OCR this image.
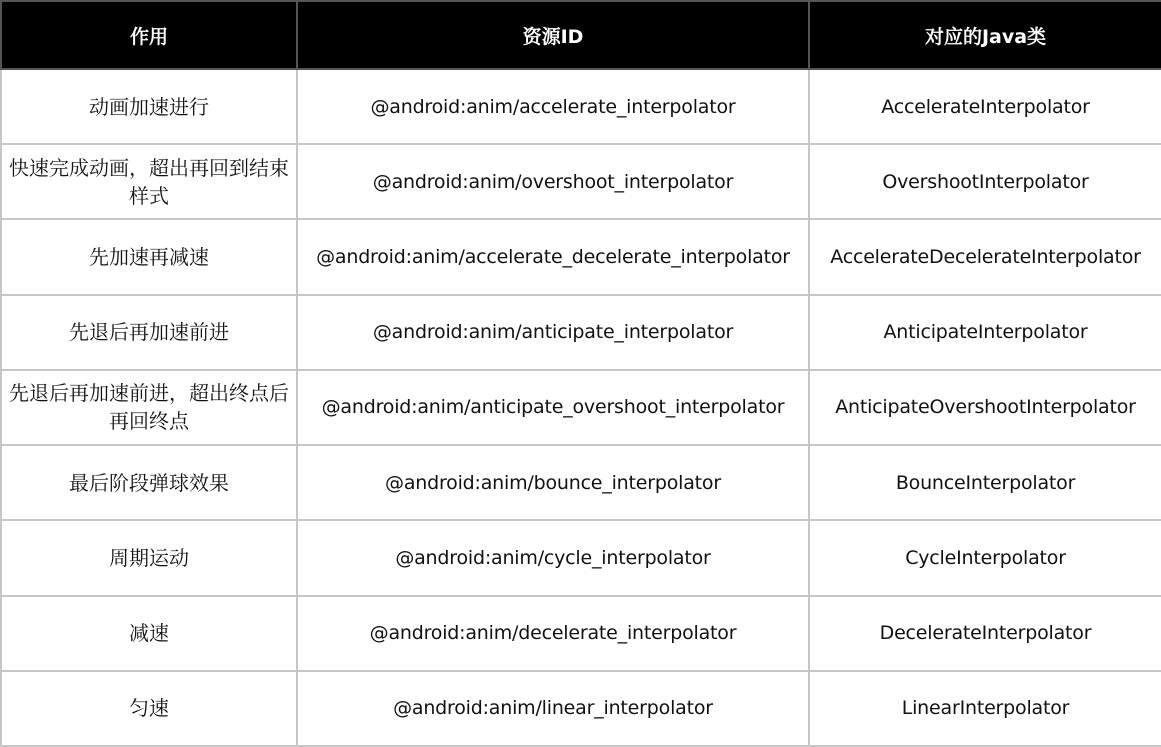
作用	资源ID	对应的Java类
动画加速进行	@android:anim/accelerate_interpolator	AccelerateInterpolator
快速完成动画，超出再回到结束样式	@android:anim/overshoot_interpolator	OvershootInterpolator
先加速再减速	@android:anim/accelerate_decelerate_interpolator	AccelerateDecelerateInterpolator
先退后再加速前进	@android:anim/anticipate_interpolator	AnticipateInterpolator
先退后再加速前进，超出终点后再回终点	@android:anim/anticipate_overshoot_interpolator	AnticipateOvershootInterpolator
最后阶段弹球效果	@android:anim/bounce_interpolator	BounceInterpolator
周期运动	@android:anim/cycle_interpolator	CycleInterpolator
减速	@android:anim/decelerate_interpolator	DecelerateInterpolator
匀速	@android:anim/linear_interpolator	LinearInterpolator
